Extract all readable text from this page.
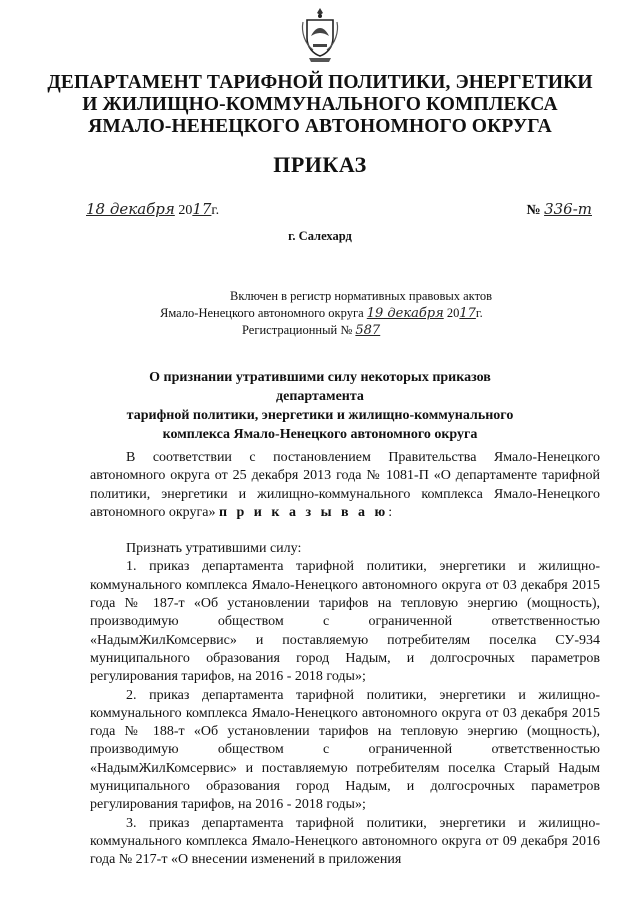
ДЕПАРТАМЕНТ ТАРИФНОЙ ПОЛИТИКИ, ЭНЕРГЕТИКИ
И ЖИЛИЩНО-КОММУНАЛЬНОГО КОМПЛЕКСА
ЯМАЛО-НЕНЕЦКОГО АВТОНОМНОГО ОКРУГА
ПРИКАЗ
18 декабря 2017г.	№ 336-т
г. Салехард
Включен в регистр нормативных правовых актов
Ямало-Ненецкого автономного округа 19 декабря 2017г.
Регистрационный № 587
О признании утратившими силу некоторых приказов департамента
тарифной политики, энергетики и жилищно-коммунального
комплекса Ямало-Ненецкого автономного округа

В соответствии с постановлением Правительства Ямало-Ненецкого автономного округа от 25 декабря 2013 года № 1081-П «О департаменте тарифной политики, энергетики и жилищно-коммунального комплекса Ямало-Ненецкого автономного округа» п р и к а з ы в а ю:

Признать утратившими силу:

1. приказ департамента тарифной политики, энергетики и жилищно-коммунального комплекса Ямало-Ненецкого автономного округа от 03 декабря 2015 года № 187-т «Об установлении тарифов на тепловую энергию (мощность), производимую обществом с ограниченной ответственностью «НадымЖилКомсервис» и поставляемую потребителям поселка СУ-934 муниципального образования город Надым, и долгосрочных параметров регулирования тарифов, на 2016 - 2018 годы»;

2. приказ департамента тарифной политики, энергетики и жилищно-коммунального комплекса Ямало-Ненецкого автономного округа от 03 декабря 2015 года № 188-т «Об установлении тарифов на тепловую энергию (мощность), производимую обществом с ограниченной ответственностью «НадымЖилКомсервис» и поставляемую потребителям поселка Старый Надым муниципального образования город Надым, и долгосрочных параметров регулирования тарифов, на 2016 - 2018 годы»;

3. приказ департамента тарифной политики, энергетики и жилищно-коммунального комплекса Ямало-Ненецкого автономного округа от 09 декабря 2016 года № 217-т «О внесении изменений в приложения
